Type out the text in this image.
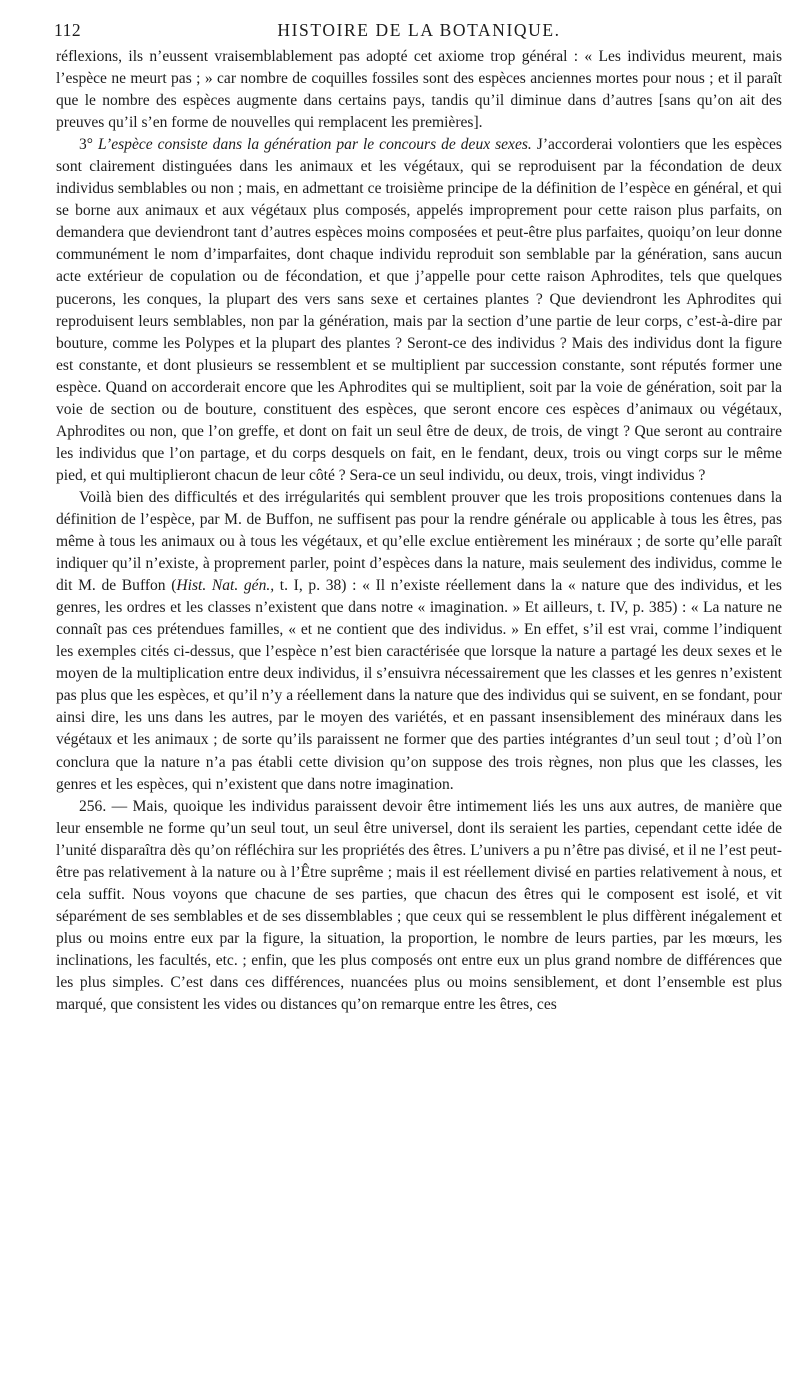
112	HISTOIRE DE LA BOTANIQUE.

réflexions, ils n’eussent vraisemblablement pas adopté cet axiome trop général : « Les individus meurent, mais l’espèce ne meurt pas ; » car nombre de coquilles fossiles sont des espèces anciennes mortes pour nous ; et il paraît que le nombre des espèces augmente dans certains pays, tandis qu’il diminue dans d’autres [sans qu’on ait des preuves qu’il s’en forme de nouvelles qui remplacent les premières].

3° L’espèce consiste dans la génération par le concours de deux sexes. J’accorderai volontiers que les espèces sont clairement distinguées dans les animaux et les végétaux, qui se reproduisent par la fécondation de deux individus semblables ou non ; mais, en admettant ce troisième principe de la définition de l’espèce en général, et qui se borne aux animaux et aux végétaux plus composés, appelés improprement pour cette raison plus parfaits, on demandera que deviendront tant d’autres espèces moins composées et peut-être plus parfaites, quoiqu’on leur donne communément le nom d’imparfaites, dont chaque individu reproduit son semblable par la génération, sans aucun acte extérieur de copulation ou de fécondation, et que j’appelle pour cette raison Aphrodites, tels que quelques pucerons, les conques, la plupart des vers sans sexe et certaines plantes ? Que deviendront les Aphrodites qui reproduisent leurs semblables, non par la génération, mais par la section d’une partie de leur corps, c’est-à-dire par bouture, comme les Polypes et la plupart des plantes ? Seront-ce des individus ? Mais des individus dont la figure est constante, et dont plusieurs se ressemblent et se multiplient par succession constante, sont réputés former une espèce. Quand on accorderait encore que les Aphrodites qui se multiplient, soit par la voie de génération, soit par la voie de section ou de bouture, constituent des espèces, que seront encore ces espèces d’animaux ou végétaux, Aphrodites ou non, que l’on greffe, et dont on fait un seul être de deux, de trois, de vingt ? Que seront au contraire les individus que l’on partage, et du corps desquels on fait, en le fendant, deux, trois ou vingt corps sur le même pied, et qui multiplieront chacun de leur côté ? Sera-ce un seul individu, ou deux, trois, vingt individus ?

Voilà bien des difficultés et des irrégularités qui semblent prouver que les trois propositions contenues dans la définition de l’espèce, par M. de Buffon, ne suffisent pas pour la rendre générale ou applicable à tous les êtres, pas même à tous les animaux ou à tous les végétaux, et qu’elle exclue entièrement les minéraux ; de sorte qu’elle paraît indiquer qu’il n’existe, à proprement parler, point d’espèces dans la nature, mais seulement des individus, comme le dit M. de Buffon (Hist. Nat. gén., t. I, p. 38) : « Il n’existe réellement dans la « nature que des individus, et les genres, les ordres et les classes n’existent que dans notre « imagination. » Et ailleurs, t. IV, p. 385) : « La nature ne connaît pas ces prétendues familles, « et ne contient que des individus. » En effet, s’il est vrai, comme l’indiquent les exemples cités ci-dessus, que l’espèce n’est bien caractérisée que lorsque la nature a partagé les deux sexes et le moyen de la multiplication entre deux individus, il s’ensuivra nécessairement que les classes et les genres n’existent pas plus que les espèces, et qu’il n’y a réellement dans la nature que des individus qui se suivent, en se fondant, pour ainsi dire, les uns dans les autres, par le moyen des variétés, et en passant insensiblement des minéraux dans les végétaux et les animaux ; de sorte qu’ils paraissent ne former que des parties intégrantes d’un seul tout ; d’où l’on conclura que la nature n’a pas établi cette division qu’on suppose des trois règnes, non plus que les classes, les genres et les espèces, qui n’existent que dans notre imagination.

256. — Mais, quoique les individus paraissent devoir être intimement liés les uns aux autres, de manière que leur ensemble ne forme qu’un seul tout, un seul être universel, dont ils seraient les parties, cependant cette idée de l’unité disparaîtra dès qu’on réfléchira sur les propriétés des êtres. L’univers a pu n’être pas divisé, et il ne l’est peut-être pas relativement à la nature ou à l’Être suprême ; mais il est réellement divisé en parties relativement à nous, et cela suffit. Nous voyons que chacune de ses parties, que chacun des êtres qui le composent est isolé, et vit séparément de ses semblables et de ses dissemblables ; que ceux qui se ressemblent le plus diffèrent inégalement et plus ou moins entre eux par la figure, la situation, la proportion, le nombre de leurs parties, par les mœurs, les inclinations, les facultés, etc. ; enfin, que les plus composés ont entre eux un plus grand nombre de différences que les plus simples. C’est dans ces différences, nuancées plus ou moins sensiblement, et dont l’ensemble est plus marqué, que consistent les vides ou distances qu’on remarque entre les êtres, ces
